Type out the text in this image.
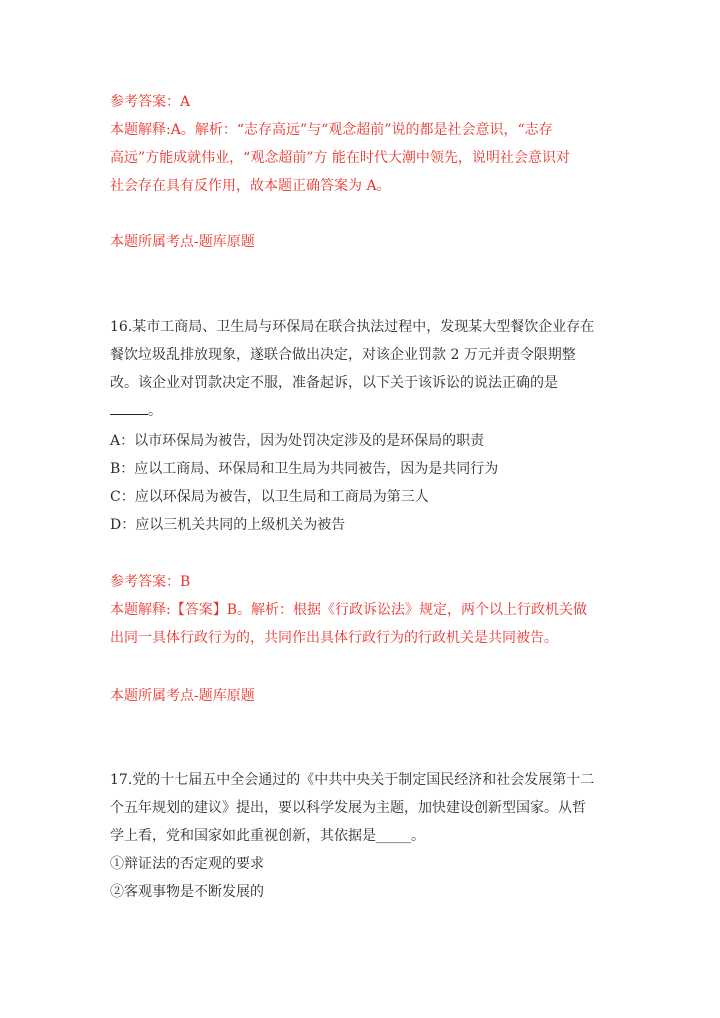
参考答案：A
本题解释:A。解析：“志存高远”与“观念超前”说的都是社会意识，“志存
高远”方能成就伟业，“观念超前”方 能在时代大潮中领先，说明社会意识对
社会存在具有反作用，故本题正确答案为 A。
本题所属考点-题库原题
16.某市工商局、卫生局与环保局在联合执法过程中，发现某大型餐饮企业存在
餐饮垃圾乱排放现象，遂联合做出决定，对该企业罚款 2 万元并责令限期整
改。该企业对罚款决定不服，准备起诉，以下关于该诉讼的说法正确的是
。
A：以市环保局为被告，因为处罚决定涉及的是环保局的职责
B：应以工商局、环保局和卫生局为共同被告，因为是共同行为
C：应以环保局为被告，以卫生局和工商局为第三人
D：应以三机关共同的上级机关为被告
参考答案：B
本题解释:【答案】B。解析：根据《行政诉讼法》规定，两个以上行政机关做
出同一具体行政行为的，共同作出具体行政行为的行政机关是共同被告。
本题所属考点-题库原题
17.党的十七届五中全会通过的《中共中央关于制定国民经济和社会发展第十二
个五年规划的建议》提出，要以科学发展为主题，加快建设创新型国家。从哲
学上看，党和国家如此重视创新，其依据是_____。
①辩证法的否定观的要求
②客观事物是不断发展的
